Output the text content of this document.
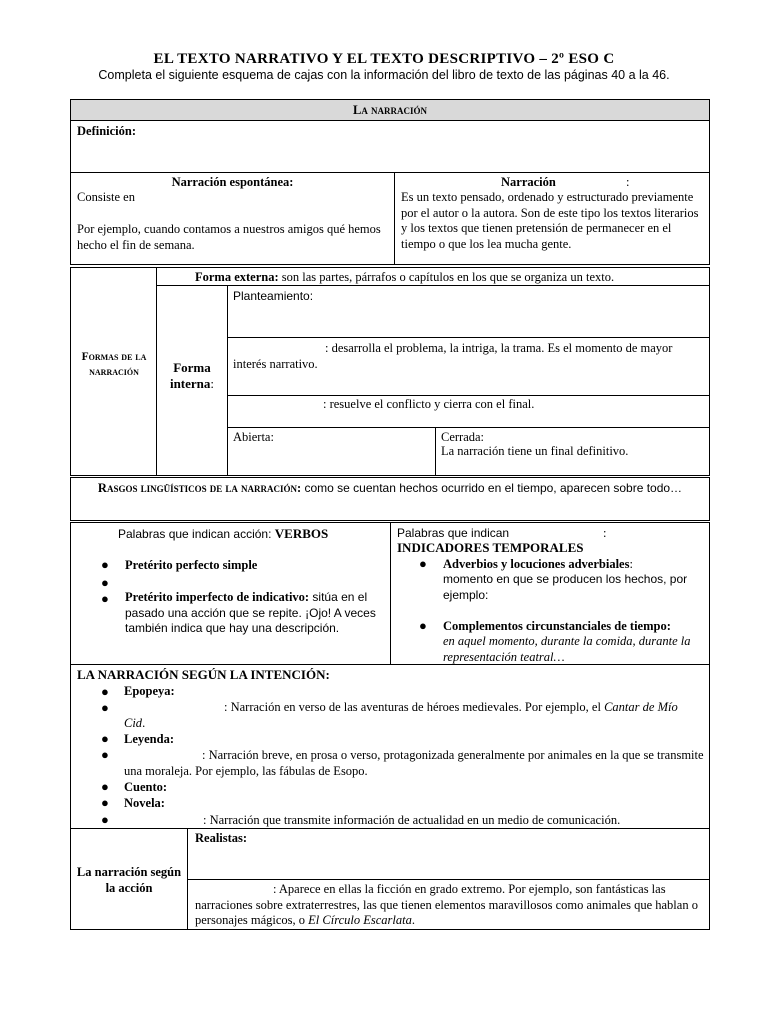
EL TEXTO NARRATIVO Y EL TEXTO DESCRIPTIVO – 2º ESO C
Completa el siguiente esquema de cajas con la información del libro de texto de las páginas 40 a la 46.
La narración
Definición:
Narración espontánea:
Consiste en
Por ejemplo, cuando contamos a nuestros amigos qué hemos hecho el fin de semana.
Narración	:
Es un texto pensado, ordenado y estructurado previamente por el autor o la autora. Son de este tipo los textos literarios y los textos que tienen pretensión de permanecer en el tiempo o que los lea mucha gente.
Formas de la narración
Forma externa: son las partes, párrafos o capítulos en los que se organiza un texto.
Forma interna:
Planteamiento:
: desarrolla el problema, la intriga, la trama. Es el momento de mayor interés narrativo.
: resuelve el conflicto y cierra con el final.
Abierta:	Cerrada:
La narración tiene un final definitivo.
Rasgos lingüísticos de la narración: como se cuentan hechos ocurrido en el tiempo, aparecen sobre todo…
Palabras que indican acción: VERBOS
● Pretérito perfecto simple
●
● Pretérito imperfecto de indicativo: sitúa en el pasado una acción que se repite. ¡Ojo! A veces también indica que hay una descripción.
Palabras que indican	:
INDICADORES TEMPORALES
● Adverbios y locuciones adverbiales:
momento en que se producen los hechos, por ejemplo:
● Complementos circunstanciales de tiempo:
en aquel momento, durante la comida, durante la representación teatral…
LA NARRACIÓN SEGÚN LA INTENCIÓN:
● Epopeya:
●	: Narración en verso de las aventuras de héroes medievales. Por ejemplo, el Cantar de Mío Cid.
● Leyenda:
●	: Narración breve, en prosa o verso, protagonizada generalmente por animales en la que se transmite una moraleja. Por ejemplo, las fábulas de Esopo.
● Cuento:
● Novela:
●	: Narración que transmite información de actualidad en un medio de comunicación.
La narración según la acción
Realistas:
: Aparece en ellas la ficción en grado extremo. Por ejemplo, son fantásticas las narraciones sobre extraterrestres, las que tienen elementos maravillosos como animales que hablan o personajes mágicos, o El Círculo Escarlata.
